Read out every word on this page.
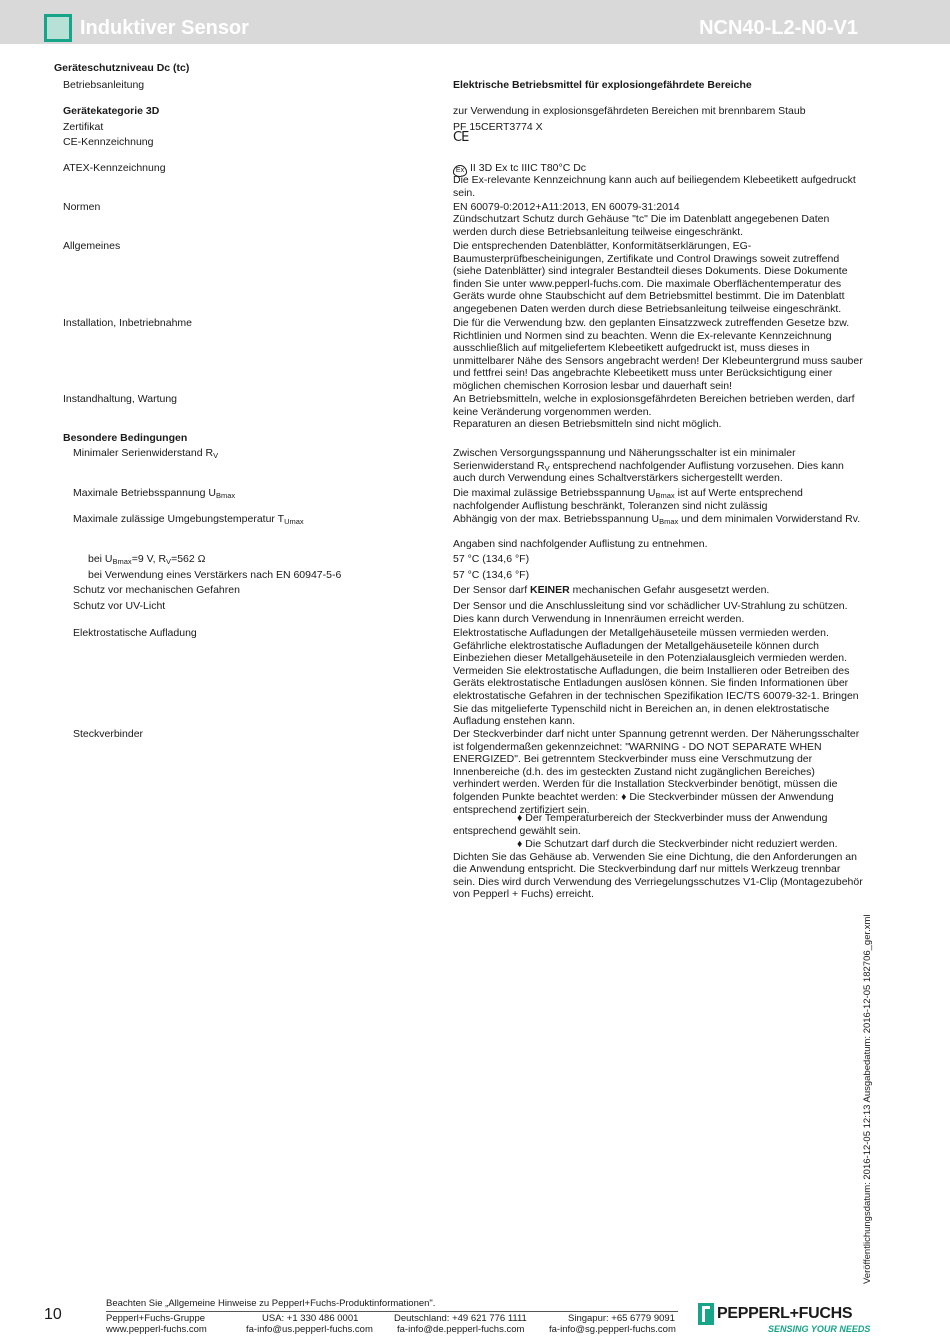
Induktiver Sensor	NCN40-L2-N0-V1
Geräteschutzniveau Dc (tc)
Betriebsanleitung	Elektrische Betriebsmittel für explosiongefährdete Bereiche
Gerätekategorie 3D	zur Verwendung in explosionsgefährdeten Bereichen mit brennbarem Staub
Zertifikat	PF 15CERT3774 X
CE-Kennzeichnung	CE
ATEX-Kennzeichnung	Ex II 3D Ex tc IIIC T80°C Dc
Die Ex-relevante Kennzeichnung kann auch auf beiliegendem Klebeetikett aufgedruckt sein.
Normen	EN 60079-0:2012+A11:2013, EN 60079-31:2014
Zündschutzart Schutz durch Gehäuse "tc" Die im Datenblatt angegebenen Daten werden durch diese Betriebsanleitung teilweise eingeschränkt.
Allgemeines	Die entsprechenden Datenblätter, Konformitätserklärungen, EG-Baumusterprüfbescheinigungen, Zertifikate und Control Drawings soweit zutreffend (siehe Datenblätter) sind integraler Bestandteil dieses Dokuments. Diese Dokumente finden Sie unter www.pepperl-fuchs.com. Die maximale Oberflächentemperatur des Geräts wurde ohne Staubschicht auf dem Betriebsmittel bestimmt. Die im Datenblatt angegebenen Daten werden durch diese Betriebsanleitung teilweise eingeschränkt.
Installation, Inbetriebnahme	Die für die Verwendung bzw. den geplanten Einsatzzweck zutreffenden Gesetze bzw. Richtlinien und Normen sind zu beachten. Wenn die Ex-relevante Kennzeichnung ausschließlich auf mitgeliefertem Klebeetikett aufgedruckt ist, muss dieses in unmittelbarer Nähe des Sensors angebracht werden! Der Klebeuntergrund muss sauber und fettfrei sein! Das angebrachte Klebeetikett muss unter Berücksichtigung einer möglichen chemischen Korrosion lesbar und dauerhaft sein!
Instandhaltung, Wartung	An Betriebsmitteln, welche in explosionsgefährdeten Bereichen betrieben werden, darf keine Veränderung vorgenommen werden.
Reparaturen an diesen Betriebsmitteln sind nicht möglich.
Besondere Bedingungen
Minimaler Serienwiderstand $R_V$	Zwischen Versorgungsspannung und Näherungsschalter ist ein minimaler Serienwiderstand $R_V$ entsprechend nachfolgender Auflistung vorzusehen. Dies kann auch durch Verwendung eines Schaltverstärkers sichergestellt werden.
Maximale Betriebsspannung $U_{Bmax}$	Die maximal zulässige Betriebsspannung $U_{Bmax}$ ist auf Werte entsprechend nachfolgender Auflistung beschränkt, Toleranzen sind nicht zulässig
Maximale zulässige Umgebungstemperatur $T_{Umax}$	Abhängig von der max. Betriebsspannung $U_{Bmax}$ und dem minimalen Vorwiderstand Rv.
Angaben sind nachfolgender Auflistung zu entnehmen.
bei $U_{Bmax}=9$ V, $R_V=562$ Ω	57 °C (134,6 °F)
bei Verwendung eines Verstärkers nach EN 60947-5-6	57 °C (134,6 °F)
Schutz vor mechanischen Gefahren	Der Sensor darf KEINER mechanischen Gefahr ausgesetzt werden.
Schutz vor UV-Licht	Der Sensor und die Anschlussleitung sind vor schädlicher UV-Strahlung zu schützen. Dies kann durch Verwendung in Innenräumen erreicht werden.
Elektrostatische Aufladung	Elektrostatische Aufladungen der Metallgehäuseteile müssen vermieden werden. Gefährliche elektrostatische Aufladungen der Metallgehäuseteile können durch Einbeziehen dieser Metallgehäuseteile in den Potenzialausgleich vermieden werden. Vermeiden Sie elektrostatische Aufladungen, die beim Installieren oder Betreiben des Geräts elektrostatische Entladungen auslösen können. Sie finden Informationen über elektrostatische Gefahren in der technischen Spezifikation IEC/TS 60079-32-1. Bringen Sie das mitgelieferte Typenschild nicht in Bereichen an, in denen elektrostatische Aufladung enstehen kann.
Steckverbinder	Der Steckverbinder darf nicht unter Spannung getrennt werden. Der Näherungsschalter ist folgendermaßen gekennzeichnet: "WARNING - DO NOT SEPARATE WHEN ENERGIZED". Bei getrenntem Steckverbinder muss eine Verschmutzung der Innenbereiche (d.h. des im gesteckten Zustand nicht zugänglichen Bereiches) verhindert werden. Werden für die Installation Steckverbinder benötigt, müssen die folgenden Punkte beachtet werden: ♦ Die Steckverbinder müssen der Anwendung entsprechend zertifiziert sein.
♦ Der Temperaturbereich der Steckverbinder muss der Anwendung entsprechend gewählt sein.
♦ Die Schutzart darf durch die Steckverbinder nicht reduziert werden. Dichten Sie das Gehäuse ab. Verwenden Sie eine Dichtung, die den Anforderungen an die Anwendung entspricht. Die Steckverbindung darf nur mittels Werkzeug trennbar sein. Dies wird durch Verwendung des Verriegelungsschutzes V1-Clip (Montagezubehör von Pepperl + Fuchs) erreicht.
Veröffentlichungsdatum: 2016-12-05 12:13 Ausgabedatum: 2016-12-05 182706_ger.xml
10
Beachten Sie „Allgemeine Hinweise zu Pepperl+Fuchs-Produktinformationen".
Pepperl+Fuchs-Gruppe
www.pepperl-fuchs.com
USA: +1 330 486 0001
fa-info@us.pepperl-fuchs.com
Deutschland: +49 621 776 1111
fa-info@de.pepperl-fuchs.com
Singapur: +65 6779 9091
fa-info@sg.pepperl-fuchs.com
PEPPERL+FUCHS
SENSING YOUR NEEDS
